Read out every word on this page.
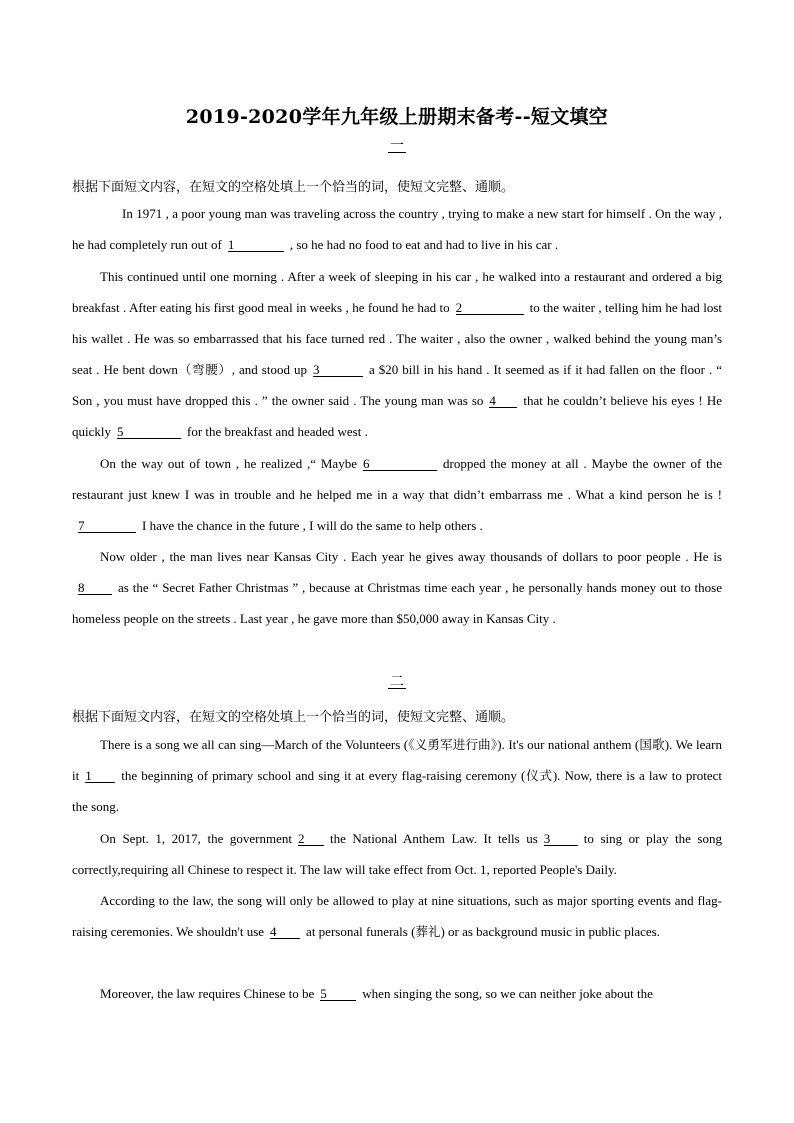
2019-2020学年九年级上册期末备考--短文填空
一
根据下面短文内容，在短文的空格处填上一个恰当的词，使短文完整、通顺。

In 1971 , a poor young man was traveling across the country , trying to make a new start for himself . On the way , he had completely run out of 1	, so he had no food to eat and had to live in his car .

This continued until one morning . After a week of sleeping in his car , he walked into a restaurant and ordered a big breakfast . After eating his first good meal in weeks , he found he had to 2	to the waiter , telling him he had lost his wallet . He was so embarrassed that his face turned red . The waiter , also the owner , walked behind the young man’s seat . He bent down（弯腰）, and stood up 3	a $20 bill in his hand . It seemed as if it had fallen on the floor . “ Son , you must have dropped this . ” the owner said . The young man was so 4 that he couldn’t believe his eyes ! He quickly 5	for the breakfast and headed west .

On the way out of town , he realized ,“ Maybe 6	dropped the money at all . Maybe the owner of the restaurant just knew I was in trouble and he helped me in a way that didn’t embarrass me . What a kind person he is !7	I have the chance in the future , I will do the same to help others .

Now older , the man lives near Kansas City . Each year he gives away thousands of dollars to poor people . He is8	as the “ Secret Father Christmas ” , because at Christmas time each year , he personally hands money out to those homeless people on the streets . Last year , he gave more than $50,000 away in Kansas City .

二
根据下面短文内容，在短文的空格处填上一个恰当的词，使短文完整、通顺。

There is a song we all can sing—March of the Volunteers (《义勇军进行曲》). It's our national anthem (国歌). We learn it 1 the beginning of primary school and sing it at every flag-raising ceremony (仪式). Now, there is a law to protect the song.

On Sept. 1, 2017, the government 2 the National Anthem Law. It tells us 3	to sing or play the song correctly,requiring all Chinese to respect it. The law will take effect from Oct. 1, reported People's Daily.

According to the law, the song will only be allowed to play at nine situations, such as major sporting events and flag-raising ceremonies. We shouldn't use 4 at personal funerals (葬礼) or as background music in public places.

Moreover, the law requires Chinese to be 5	when singing the song, so we can neither joke about the
